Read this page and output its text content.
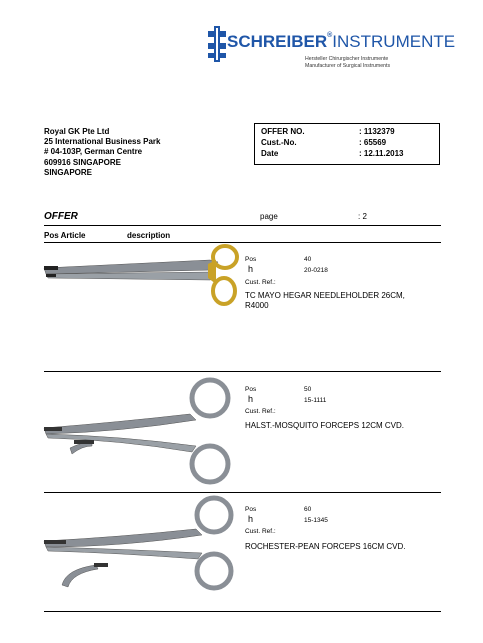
SCHREIBER®INSTRUMENTE
Hersteller Chirurgischer Instrumente
Manufacturer of Surgical Instruments
Royal GK Pte Ltd
25 International Business Park
# 04-103P, German Centre
609916 SINGAPORE
SINGAPORE
OFFER NO.	: 1132379
Cust.-No.	: 65569
Date	: 12.11.2013
OFFER	page	: 2
Pos Article	description
Pos	40
h	20-0218
Cust. Ref.:
TC MAYO HEGAR NEEDLEHOLDER 26CM,
R4000
Pos	50
h	15-1111
Cust. Ref.:
HALST.-MOSQUITO FORCEPS 12CM CVD.
Pos	60
h	15-1345
Cust. Ref.:
ROCHESTER-PEAN FORCEPS 16CM CVD.
